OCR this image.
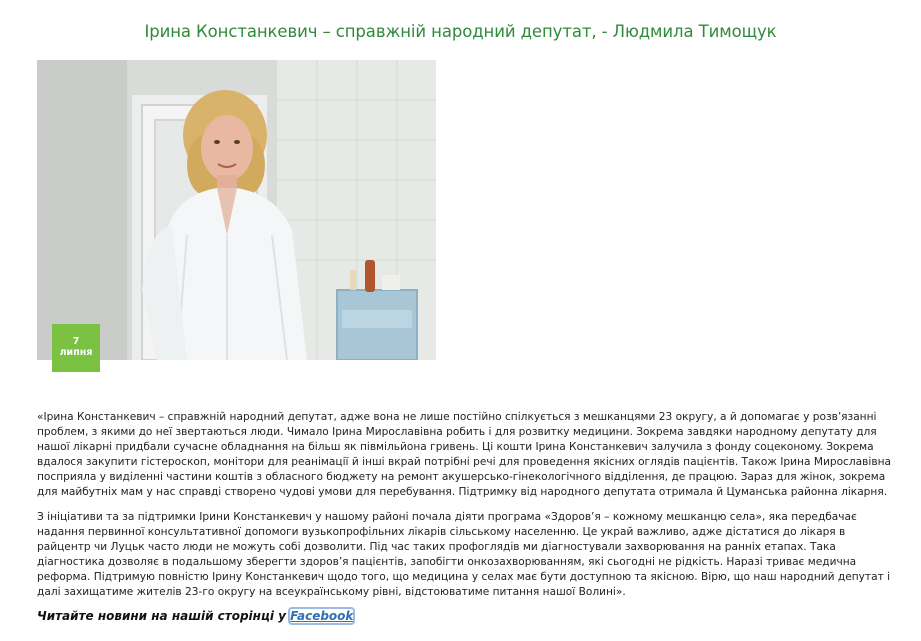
Ірина Констанкевич – справжній народний депутат, - Людмила Тимощук
7
липня

«Ірина Констанкевич – справжній народний депутат, адже вона не лише постійно спілкується з мешканцями 23 округу, а й допомагає у розв’язанні проблем, з якими до неї звертаються люди. Чимало Ірина Мирославівна робить і для розвитку медицини. Зокрема завдяки народному депутату для нашої лікарні придбали сучасне обладнання на більш як півмільйона гривень. Ці кошти Ірина Констанкевич залучила з фонду соцекономy. Зокрема вдалося закупити гістероскоп, монітори для реанімації й інші вкрай потрібні речі для проведення якісних оглядів пацієнтів. Також Ірина Мирославівна посприяла у виділенні частини коштів з обласного бюджету на ремонт акушерсько-гінекологічного відділення, де працюю. Зараз для жінок, зокрема для майбутніх мам у нас справді створено чудові умови для перебування. Підтримку від народного депутата отримала й Цуманська районна лікарня.

З ініціативи та за підтримки Ірини Констанкевич у нашому районі почала діяти програма «Здоров’я – кожному мешканцю села», яка передбачає надання первинної консультативної допомоги вузькопрофільних лікарів сільському населенню. Це украй важливо, адже дістатися до лікаря в райцентр чи Луцьк часто люди не можуть собі дозволити. Під час таких профоглядів ми діагностували захворювання на ранніх етапах. Така діагностика дозволяє в подальшому зберегти здоров’я пацієнтів, запобігти онкозахворюванням, які сьогодні не рідкість. Наразі триває медична реформа. Підтримую повністю Ірину Констанкевич щодо того, що медицина у селах має бути доступною та якісною. Вірю, що наш народний депутат і далі захищатиме жителів 23-го округу на всеукраїнському рівні, відстоюватиме питання нашої Волині».

Читайте новини на нашій сторінці у Facebook
